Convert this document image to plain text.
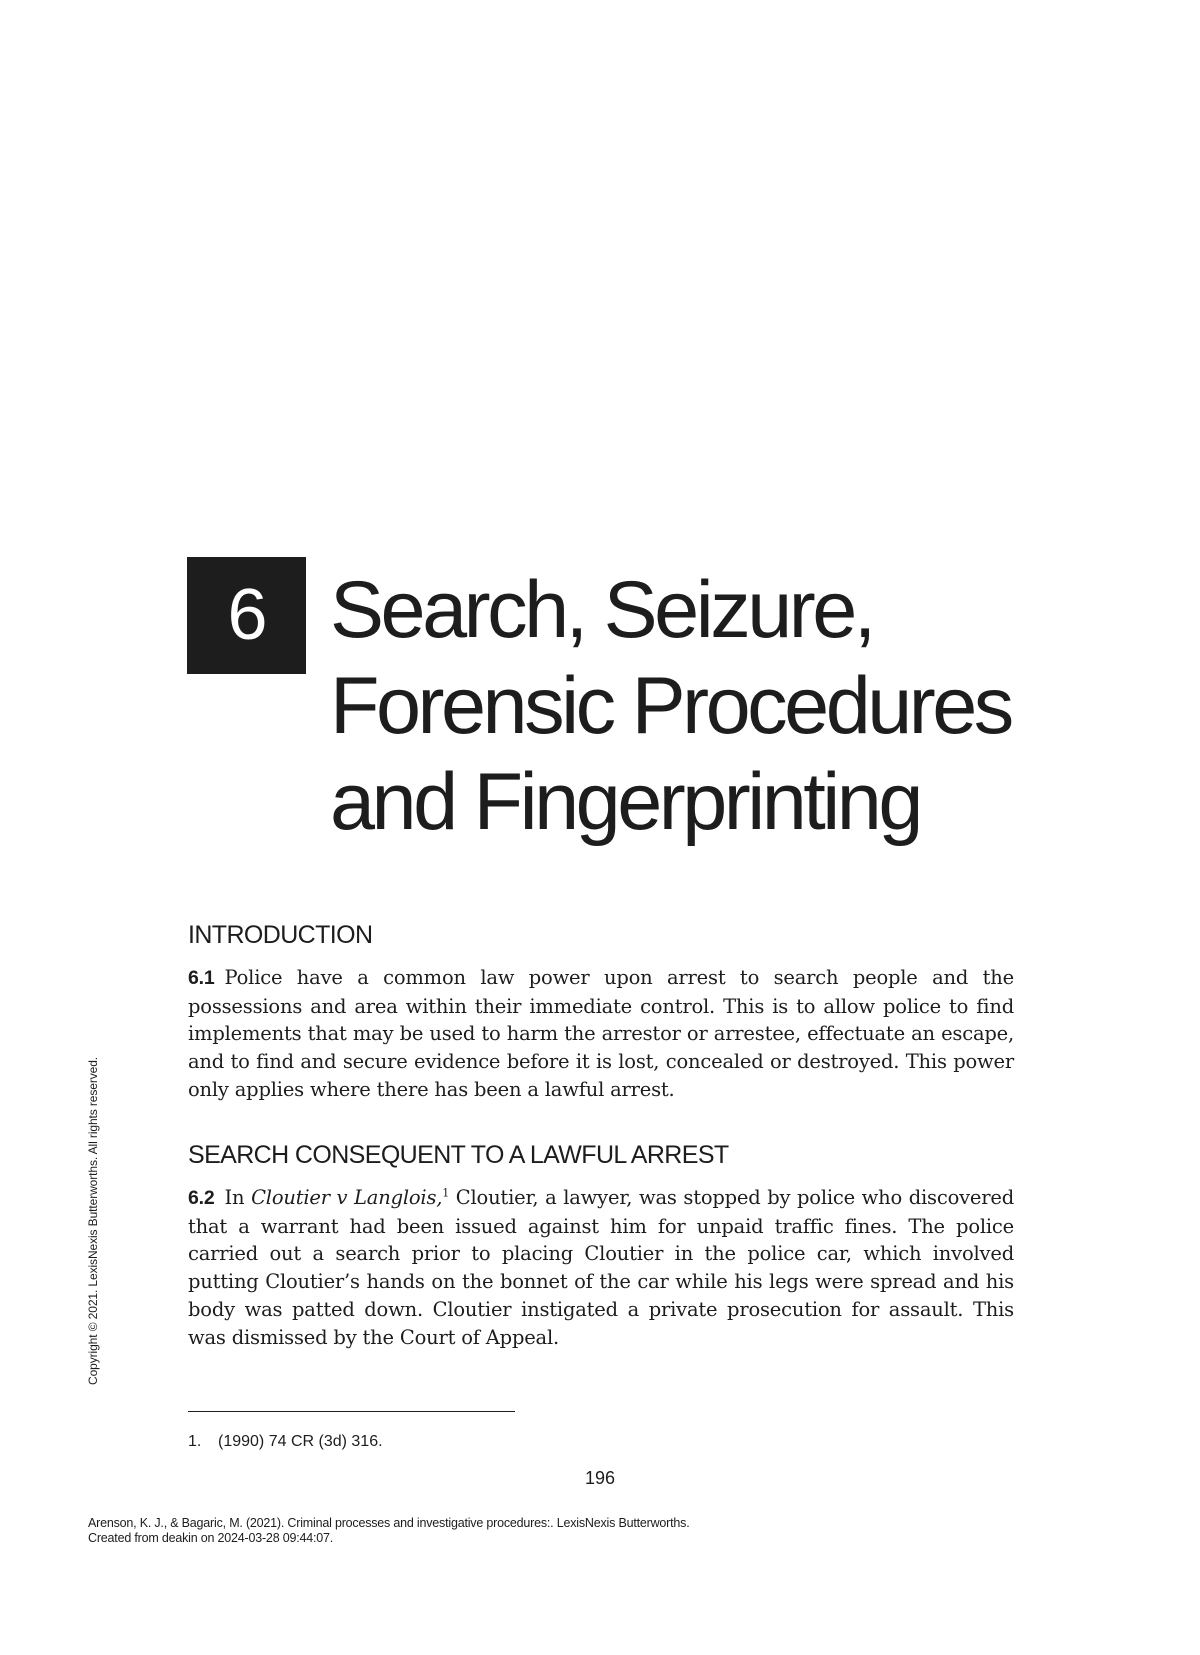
6 Search, Seizure,
Forensic Procedures
and Fingerprinting
INTRODUCTION

6.1 Police have a common law power upon arrest to search people and the possessions and area within their immediate control. This is to allow police to find implements that may be used to harm the arrestor or arrestee, effectuate an escape, and to find and secure evidence before it is lost, concealed or destroyed. This power only applies where there has been a lawful arrest.

SEARCH CONSEQUENT TO A LAWFUL ARREST

6.2 In Cloutier v Langlois,$^1$ Cloutier, a lawyer, was stopped by police who discovered that a warrant had been issued against him for unpaid traffic fines. The police carried out a search prior to placing Cloutier in the police car, which involved putting Cloutier’s hands on the bonnet of the car while his legs were spread and his body was patted down. Cloutier instigated a private prosecution for assault. This was dismissed by the Court of Appeal.

1. (1990) 74 CR (3d) 316.
196
Copyright © 2021. LexisNexis Butterworths. All rights reserved.
Arenson, K. J., & Bagaric, M. (2021). Criminal processes and investigative procedures:. LexisNexis Butterworths.
Created from deakin on 2024-03-28 09:44:07.
